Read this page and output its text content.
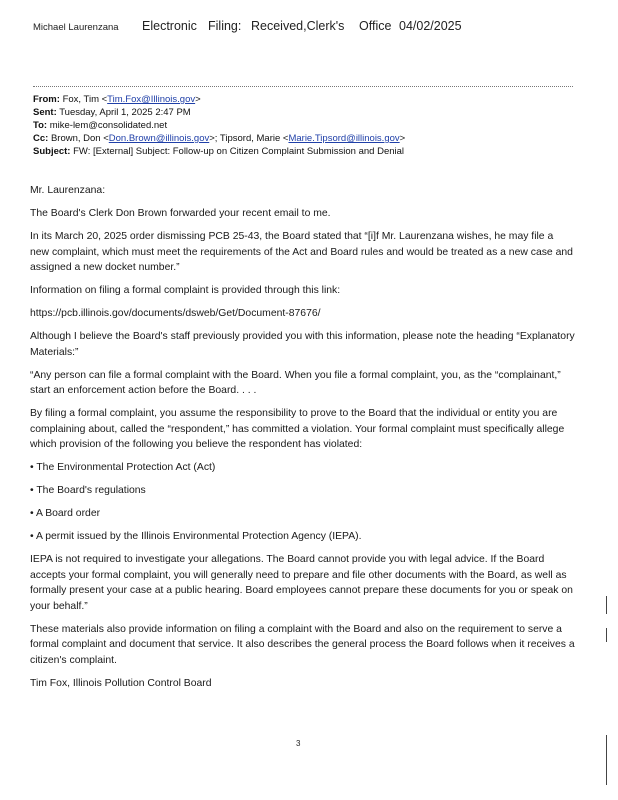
Michael Laurenzana Electronic Filing: Received,Clerk's Office 04/02/2025
From: Fox, Tim <Tim.Fox@Illinois.gov>
Sent: Tuesday, April 1, 2025 2:47 PM
To: mike-lem@consolidated.net
Cc: Brown, Don <Don.Brown@illinois.gov>; Tipsord, Marie <Marie.Tipsord@illinois.gov>
Subject: FW: [External] Subject: Follow-up on Citizen Complaint Submission and Denial

Mr. Laurenzana:

The Board's Clerk Don Brown forwarded your recent email to me.

In its March 20, 2025 order dismissing PCB 25-43, the Board stated that “[i]f Mr. Laurenzana wishes, he may file a new complaint, which must meet the requirements of the Act and Board rules and would be treated as a new case and assigned a new docket number.”

Information on filing a formal complaint is provided through this link:

https://pcb.illinois.gov/documents/dsweb/Get/Document-87676/

Although I believe the Board's staff previously provided you with this information, please note the heading “Explanatory Materials:”

“Any person can file a formal complaint with the Board. When you file a formal complaint, you, as the “complainant,” start an enforcement action before the Board. . . .

By filing a formal complaint, you assume the responsibility to prove to the Board that the individual or entity you are complaining about, called the “respondent,” has committed a violation. Your formal complaint must specifically allege which provision of the following you believe the respondent has violated:

• The Environmental Protection Act (Act)

• The Board's regulations

• A Board order

• A permit issued by the Illinois Environmental Protection Agency (IEPA).

IEPA is not required to investigate your allegations. The Board cannot provide you with legal advice. If the Board accepts your formal complaint, you will generally need to prepare and file other documents with the Board, as well as formally present your case at a public hearing. Board employees cannot prepare these documents for you or speak on your behalf.”

These materials also provide information on filing a complaint with the Board and also on the requirement to serve a formal complaint and document that service. It also describes the general process the Board follows when it receives a citizen's complaint.

Tim Fox, Illinois Pollution Control Board

3
